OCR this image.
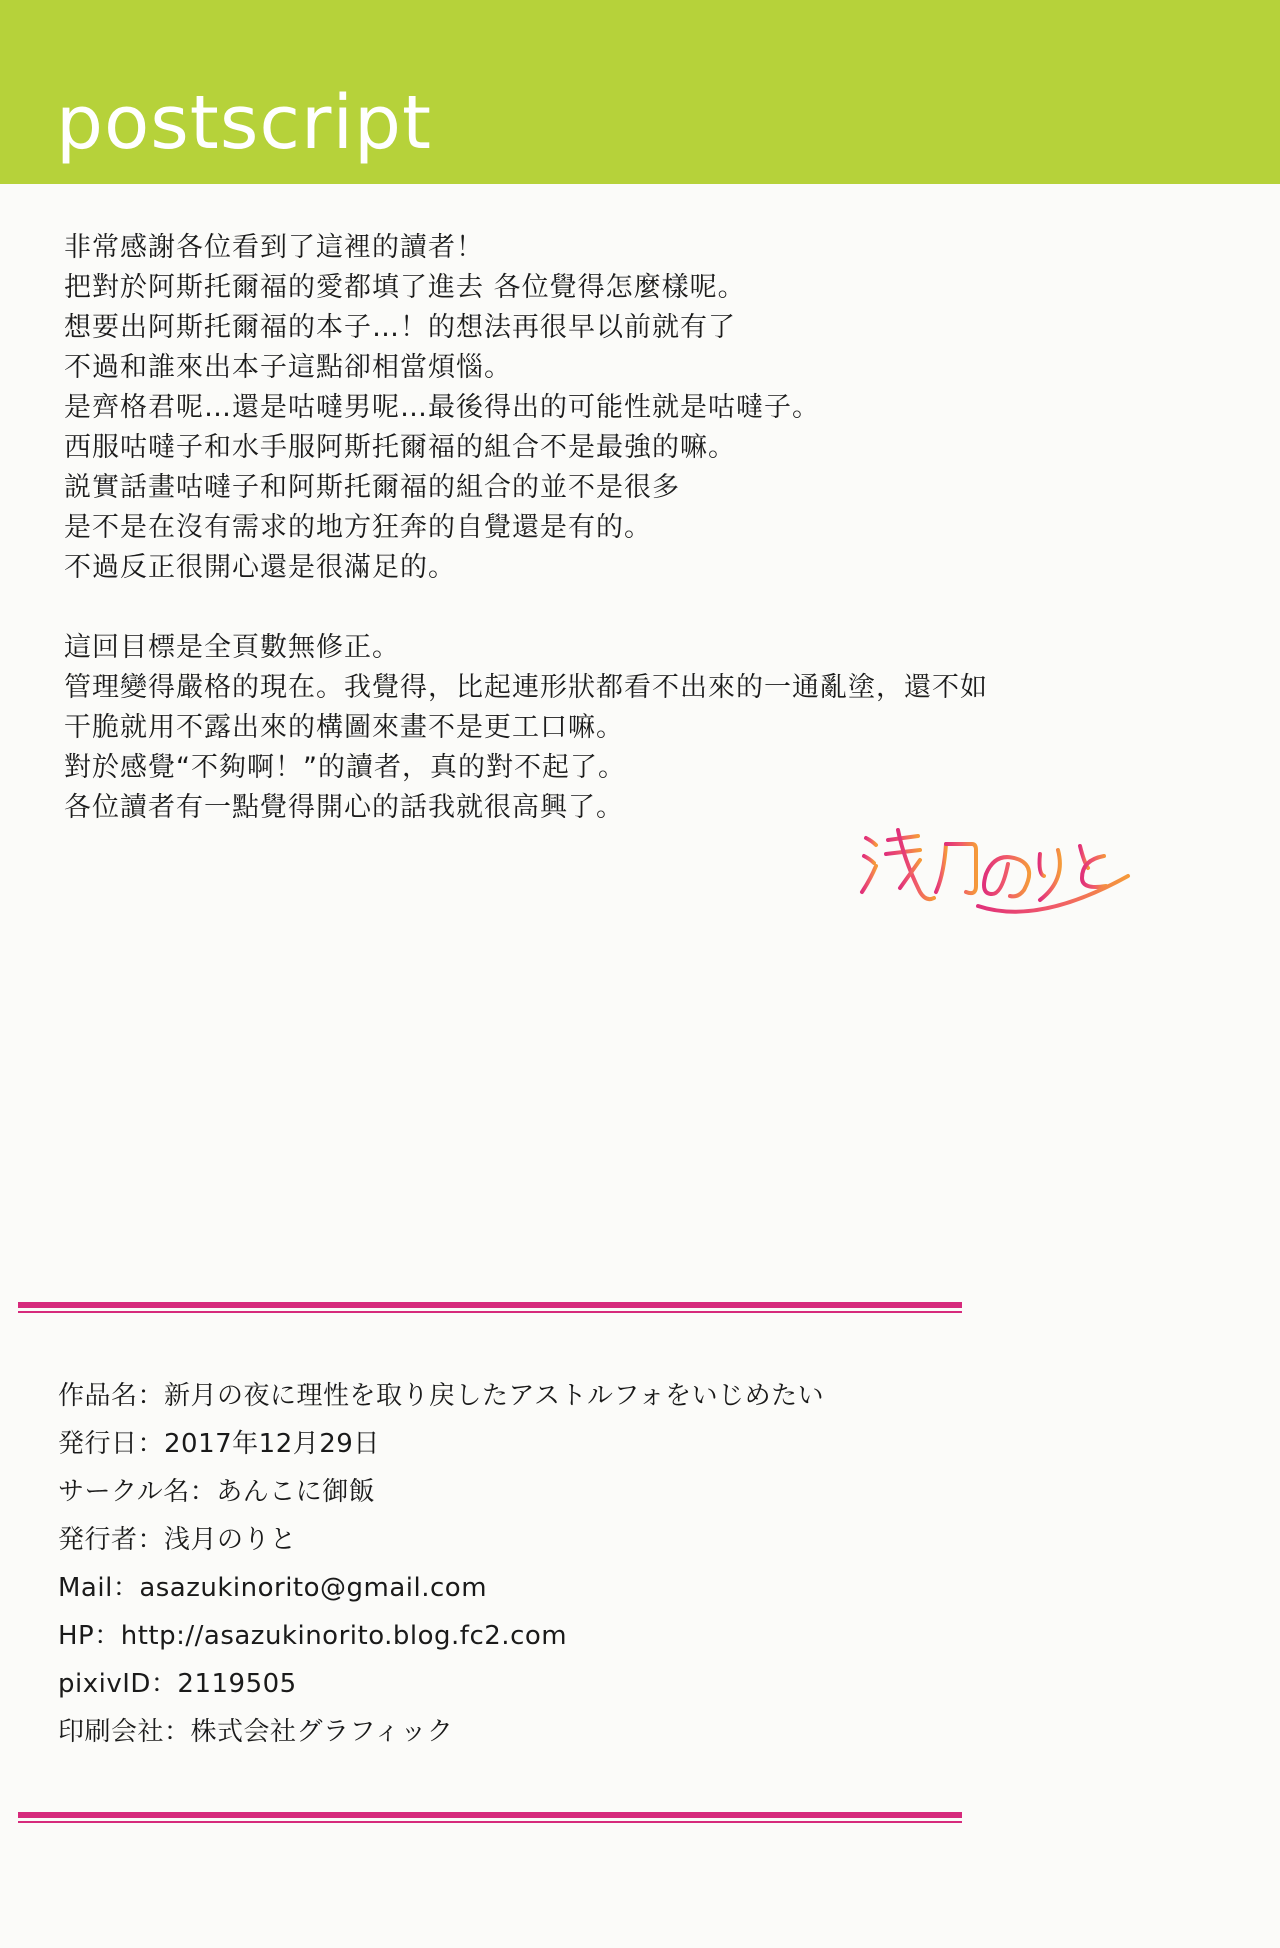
postscript

非常感謝各位看到了這裡的讀者！
把對於阿斯托爾福的愛都填了進去 各位覺得怎麼樣呢。
想要出阿斯托爾福的本子…！的想法再很早以前就有了
不過和誰來出本子這點卻相當煩惱。
是齊格君呢…還是咕噠男呢…最後得出的可能性就是咕噠子。
西服咕噠子和水手服阿斯托爾福的組合不是最強的嘛。
説實話畫咕噠子和阿斯托爾福的組合的並不是很多
是不是在沒有需求的地方狂奔的自覺還是有的。
不過反正很開心還是很滿足的。

這回目標是全頁數無修正。
管理變得嚴格的現在。我覺得，比起連形狀都看不出來的一通亂塗，還不如
干脆就用不露出來的構圖來畫不是更工口嘛。
對於感覺“不夠啊！”的讀者，真的對不起了。
各位讀者有一點覺得開心的話我就很高興了。

作品名：新月の夜に理性を取り戻したアストルフォをいじめたい
発行日：2017年12月29日
サークル名：あんこに御飯
発行者：浅月のりと
Mail：asazukinorito@gmail.com
HP：http://asazukinorito.blog.fc2.com
pixivID：2119505
印刷会社：株式会社グラフィック
